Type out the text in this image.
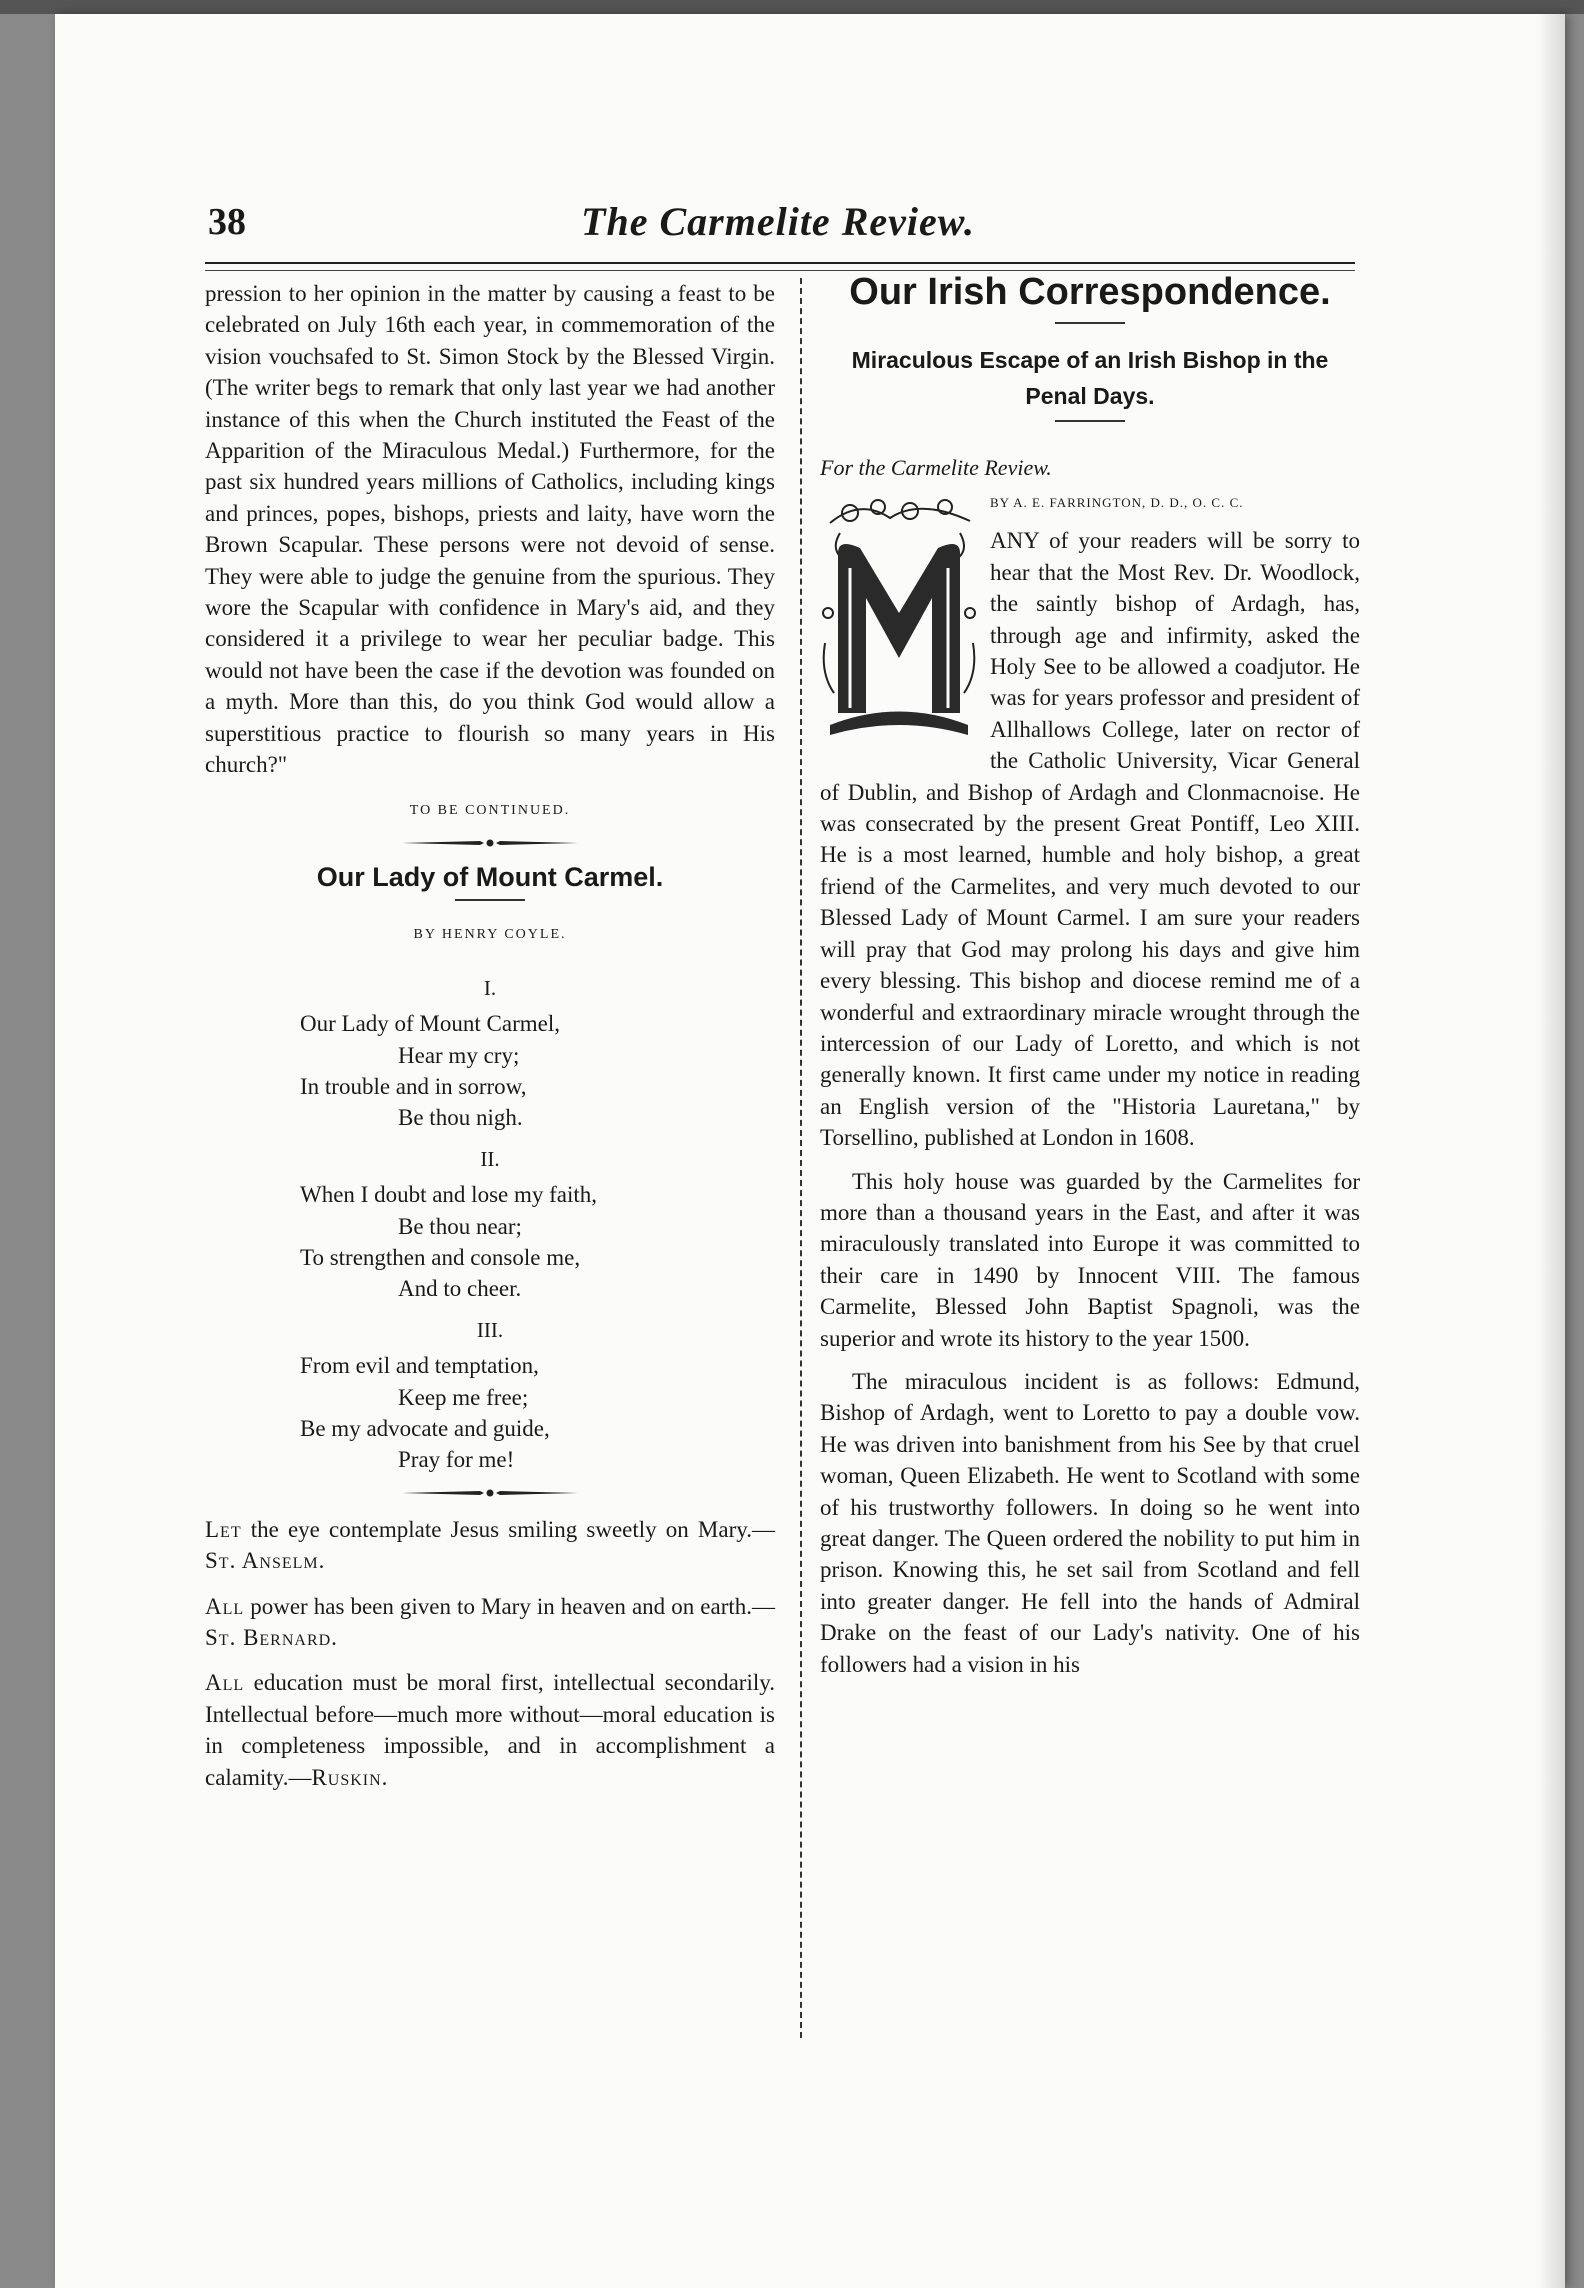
38	The Carmelite Review.

pression to her opinion in the matter by causing a feast to be celebrated on July 16th each year, in commemoration of the vision vouchsafed to St. Simon Stock by the Blessed Virgin. (The writer begs to remark that only last year we had another instance of this when the Church instituted the Feast of the Apparition of the Miraculous Medal.) Furthermore, for the past six hundred years millions of Catholics, including kings and princes, popes, bishops, priests and laity, have worn the Brown Scapular. These persons were not devoid of sense. They were able to judge the genuine from the spurious. They wore the Scapular with confidence in Mary's aid, and they considered it a privilege to wear her peculiar badge. This would not have been the case if the devotion was founded on a myth. More than this, do you think God would allow a superstitious practice to flourish so many years in His church?"

TO BE CONTINUED.

Our Lady of Mount Carmel.

BY HENRY COYLE.

I.

Our Lady of Mount Carmel,
Hear my cry;
In trouble and in sorrow,
Be thou nigh.

II.

When I doubt and lose my faith,
Be thou near;
To strengthen and console me,
And to cheer.

III.

From evil and temptation,
Keep me free;
Be my advocate and guide,
Pray for me!

Let the eye contemplate Jesus smiling sweetly on Mary.—St. Anselm.

All power has been given to Mary in heaven and on earth.—St. Bernard.

All education must be moral first, intellectual secondarily. Intellectual before—much more without—moral education is in completeness impossible, and in accomplishment a calamity.—Ruskin.

Our Irish Correspondence.

Miraculous Escape of an Irish Bishop in the Penal Days.

For the Carmelite Review.

BY A. E. FARRINGTON, D. D., O. C. C.

ANY of your readers will be sorry to hear that the Most Rev. Dr. Woodlock, the saintly bishop of Ardagh, has, through age and infirmity, asked the Holy See to be allowed a coadjutor. He was for years professor and president of Allhallows College, later on rector of the Catholic University, Vicar General of Dublin, and Bishop of Ardagh and Clonmacnoise. He was consecrated by the present Great Pontiff, Leo XIII. He is a most learned, humble and holy bishop, a great friend of the Carmelites, and very much devoted to our Blessed Lady of Mount Carmel. I am sure your readers will pray that God may prolong his days and give him every blessing. This bishop and diocese remind me of a wonderful and extraordinary miracle wrought through the intercession of our Lady of Loretto, and which is not generally known. It first came under my notice in reading an English version of the "Historia Lauretana," by Torsellino, published at London in 1608.

This holy house was guarded by the Carmelites for more than a thousand years in the East, and after it was miraculously translated into Europe it was committed to their care in 1490 by Innocent VIII. The famous Carmelite, Blessed John Baptist Spagnoli, was the superior and wrote its history to the year 1500.

The miraculous incident is as follows: Edmund, Bishop of Ardagh, went to Loretto to pay a double vow. He was driven into banishment from his See by that cruel woman, Queen Elizabeth. He went to Scotland with some of his trustworthy followers. In doing so he went into great danger. The Queen ordered the nobility to put him in prison. Knowing this, he set sail from Scotland and fell into greater danger. He fell into the hands of Admiral Drake on the feast of our Lady's nativity. One of his followers had a vision in his
